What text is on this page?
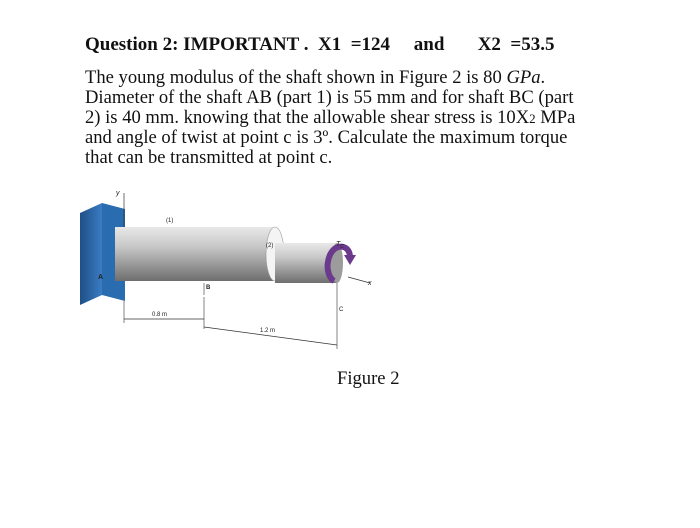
Question 2: IMPORTANT . X1  =124 and X2  =53.5
The young modulus of the shaft shown in Figure 2 is 80 GPa.
Diameter of the shaft AB (part 1) is 55 mm and for shaft BC (part
2) is 40 mm. knowing that the allowable shear stress is 10X2 MPa
and angle of twist at point c is 3º. Calculate the maximum torque
that can be transmitted at point c.
y
(1)
(2)	$T_C$
x
A
B
C
0.8 m
1.2 m
Figure 2
